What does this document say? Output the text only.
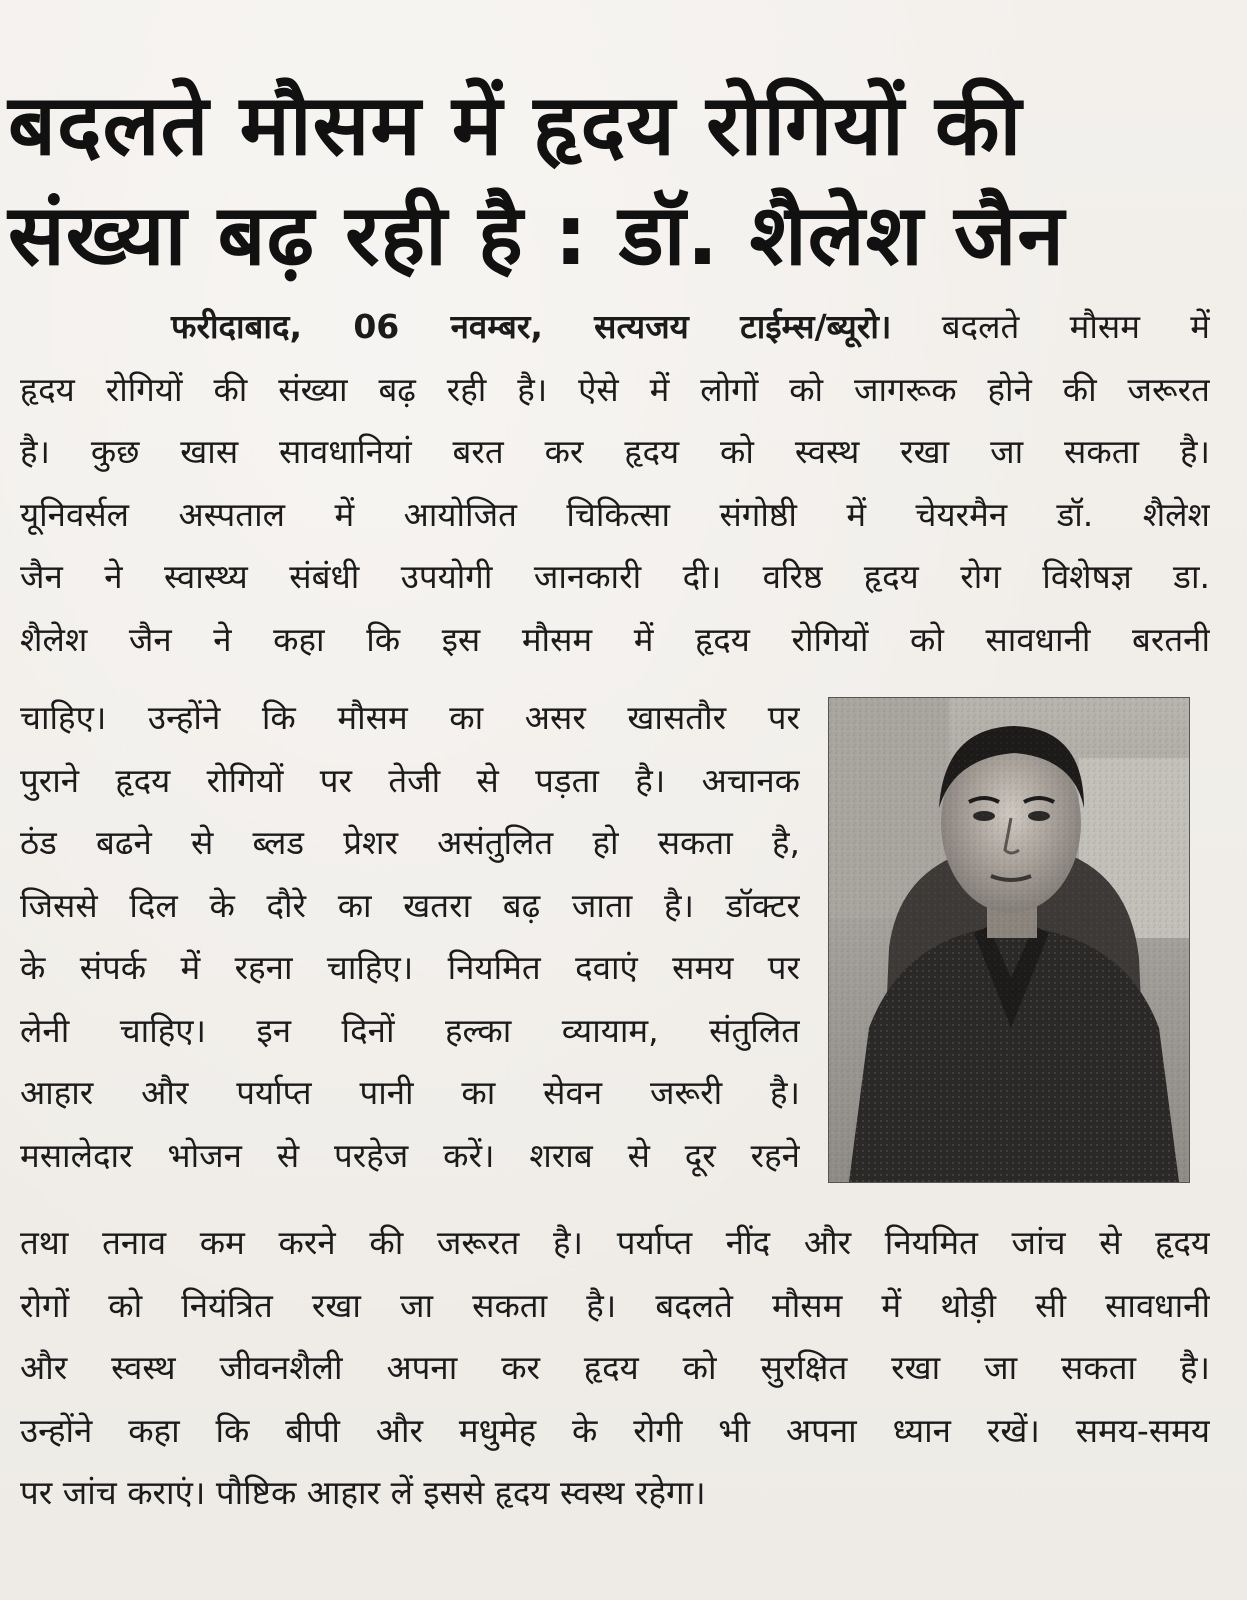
बदलते मौसम में हृदय रोगियों की
संख्या बढ़ रही है : डॉ. शैलेश जैन
फरीदाबाद, 06 नवम्बर, सत्यजय टाईम्स/ब्यूरो। बदलते मौसम में
हृदय रोगियों की संख्या बढ़ रही है। ऐसे में लोगों को जागरूक होने की जरूरत
है। कुछ खास सावधानियां बरत कर हृदय को स्वस्थ रखा जा सकता है।
यूनिवर्सल अस्पताल में आयोजित चिकित्सा संगोष्ठी में चेयरमैन डॉ. शैलेश
जैन ने स्वास्थ्य संबंधी उपयोगी जानकारी दी। वरिष्ठ हृदय रोग विशेषज्ञ डा.
शैलेश जैन ने कहा कि इस मौसम में हृदय रोगियों को सावधानी बरतनी
चाहिए। उन्होंने कि मौसम का असर खासतौर पर
पुराने हृदय रोगियों पर तेजी से पड़ता है। अचानक
ठंड बढने से ब्लड प्रेशर असंतुलित हो सकता है,
जिससे दिल के दौरे का खतरा बढ़ जाता है। डॉक्टर
के संपर्क में रहना चाहिए। नियमित दवाएं समय पर
लेनी चाहिए। इन दिनों हल्का व्यायाम, संतुलित
आहार और पर्याप्त पानी का सेवन जरूरी है।
मसालेदार भोजन से परहेज करें। शराब से दूर रहने
तथा तनाव कम करने की जरूरत है। पर्याप्त नींद और नियमित जांच से हृदय
रोगों को नियंत्रित रखा जा सकता है। बदलते मौसम में थोड़ी सी सावधानी
और स्वस्थ जीवनशैली अपना कर हृदय को सुरक्षित रखा जा सकता है।
उन्होंने कहा कि बीपी और मधुमेह के रोगी भी अपना ध्यान रखें। समय-समय
पर जांच कराएं। पौष्टिक आहार लें इससे हृदय स्वस्थ रहेगा।
